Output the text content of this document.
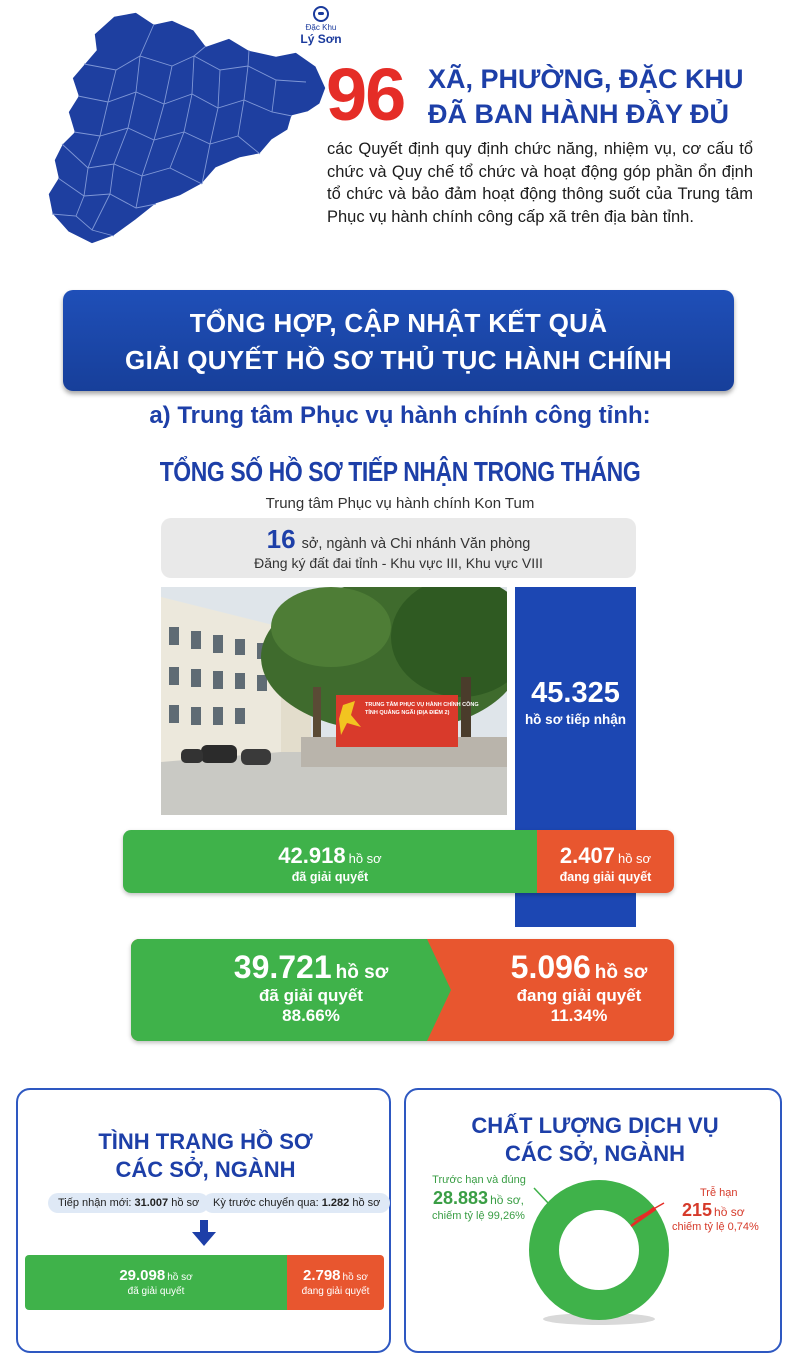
Đặc Khu
Lý Sơn
96 XÃ, PHƯỜNG, ĐẶC KHU
ĐÃ BAN HÀNH ĐẦY ĐỦ
các Quyết định quy định chức năng, nhiệm vụ, cơ cấu tổ chức và Quy chế tổ chức và hoạt động góp phần ổn định tổ chức và bảo đảm hoạt động thông suốt của Trung tâm Phục vụ hành chính công cấp xã trên địa bàn tỉnh.
TỔNG HỢP, CẬP NHẬT KẾT QUẢ
GIẢI QUYẾT HỒ SƠ THỦ TỤC HÀNH CHÍNH
a) Trung tâm Phục vụ hành chính công tỉnh:
TỔNG SỐ HỒ SƠ TIẾP NHẬN TRONG THÁNG
Trung tâm Phục vụ hành chính Kon Tum
16 sở, ngành và Chi nhánh Văn phòng
Đăng ký đất đai tỉnh - Khu vực III, Khu vực VIII
TRUNG TÂM PHỤC VỤ HÀNH CHÍNH CÔNG
TỈNH QUẢNG NGÃI (ĐỊA ĐIỂM 2)
45.325
hồ sơ tiếp nhận
42.918 hồ sơ
đã giải quyết
2.407 hồ sơ
đang giải quyết
39.721 hồ sơ
đã giải quyết
88.66%
5.096 hồ sơ
đang giải quyết
11.34%
TÌNH TRẠNG HỒ SƠ
CÁC SỞ, NGÀNH
29.098 hồ sơ
đã giải quyết
2.798 hồ sơ
đang giải quyết
Tiếp nhận mới: 31.007 hồ sơ	Kỳ trước chuyển qua: 1.282 hồ sơ
CHẤT LƯỢNG DỊCH VỤ
CÁC SỞ, NGÀNH
Trước hạn và đúng
28.883 hồ sơ,
chiếm tỷ lệ 99,26%
Trễ hạn
215 hồ sơ
chiếm tỷ lệ 0,74%
